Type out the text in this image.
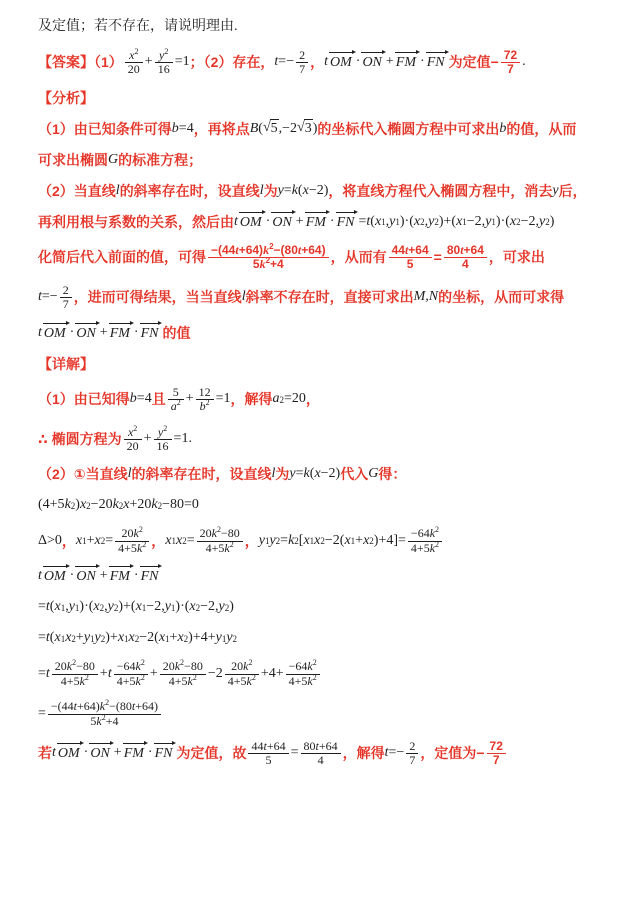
及定值；若不存在，请说明理由.
【答案】$(1) \frac{x^2}{20} + \frac{y^2}{16} =1$ ；（2）存在， $t =- \frac{2}{7}$ ， t OM · ON + FM · FN 为定值− $\frac{72}{7}$ .
【分析】
（1）由已知条件可得 b =4 ，再将点 B ( √ 5 ,−2 √ 3 ) 的坐标代入椭圆方程中可求出 b 的值，从而
可求出椭圆 G 的标准方程；
（2）当直线 l 的斜率存在时，设直线 l 为 y = k ( x −2) ，将直线方程代入椭圆方程中，消去 y 后，
再利用根与系数的关系，然后由 t OM · ON + FM · FN = t ( x 1 , y 1 )·( x 2 , y 2 )+( x 1 −2, y 1 )·( x 2 −2, y 2 )
化简后代入前面的值，可得 $\frac{-(44t+64)k^2-(80t+64)}{5k^2+4}$ ，从而有 $\frac{44t+64}{5} = \frac{80t+64}{4}$ ，可求出
$t =- \frac{2}{7}$ ，进而可得结果，当当直线 l 斜率不存在时，直接可求出 M , N 的坐标，从而可求得
t OM · ON + FM · FN 的值
【详解】
（1）由已知得 b =4 且 $\frac{5}{a^2} + \frac{12}{b^2} =1$ ，解得 a 2 =20 ，
∴ 椭圆方程为 $\frac{x^2}{20} + \frac{y^2}{16} =1$.
（2）①当直线 l 的斜率存在时，设直线 l 为 y = k ( x −2) 代入 G 得：
(4+5 k 2 ) x 2 −20 k 2 x +20 k 2 −80=0
Δ>0 ， x 1 + x $2 = \frac{20k^2}{4+5k^2}$ ， x 1 x $2 = \frac{20k^2-80}{4+5k^2}$ ， y 1 y 2 = k 2 [ x 1 x 2 −2( x 1 + x 2 )$+4]= \frac{-64k^2}{4+5k^2}$
t OM · ON + FM · FN
= t ( x 1 , y 1 )·( x 2 , y 2 )+( x 1 −2, y 1 )·( x 2 −2, y 2 )
= t ( x 1 x 2 + y 1 y 2 )+ x 1 x 2 −2( x 1 + x 2 )+4+ y 1 y 2
= t $\frac{20k^2-80}{4+5k^2} + t \frac{-64k^2}{4+5k^2} + \frac{20k^2-80}{4+5k^2} -2 \frac{20k^2}{4+5k^2} +4+ \frac{-64k^2}{4+5k^2}$
= $\frac{-(44t+64)k^2-(80t+64)}{5k^2+4}$
若 t OM · ON + FM · FN 为定值，故 $\frac{44t+64}{5} = \frac{80t+64}{4}$ ，解得 $t =- \frac{2}{7}$ ，定值为− $\frac{72}{7}$
